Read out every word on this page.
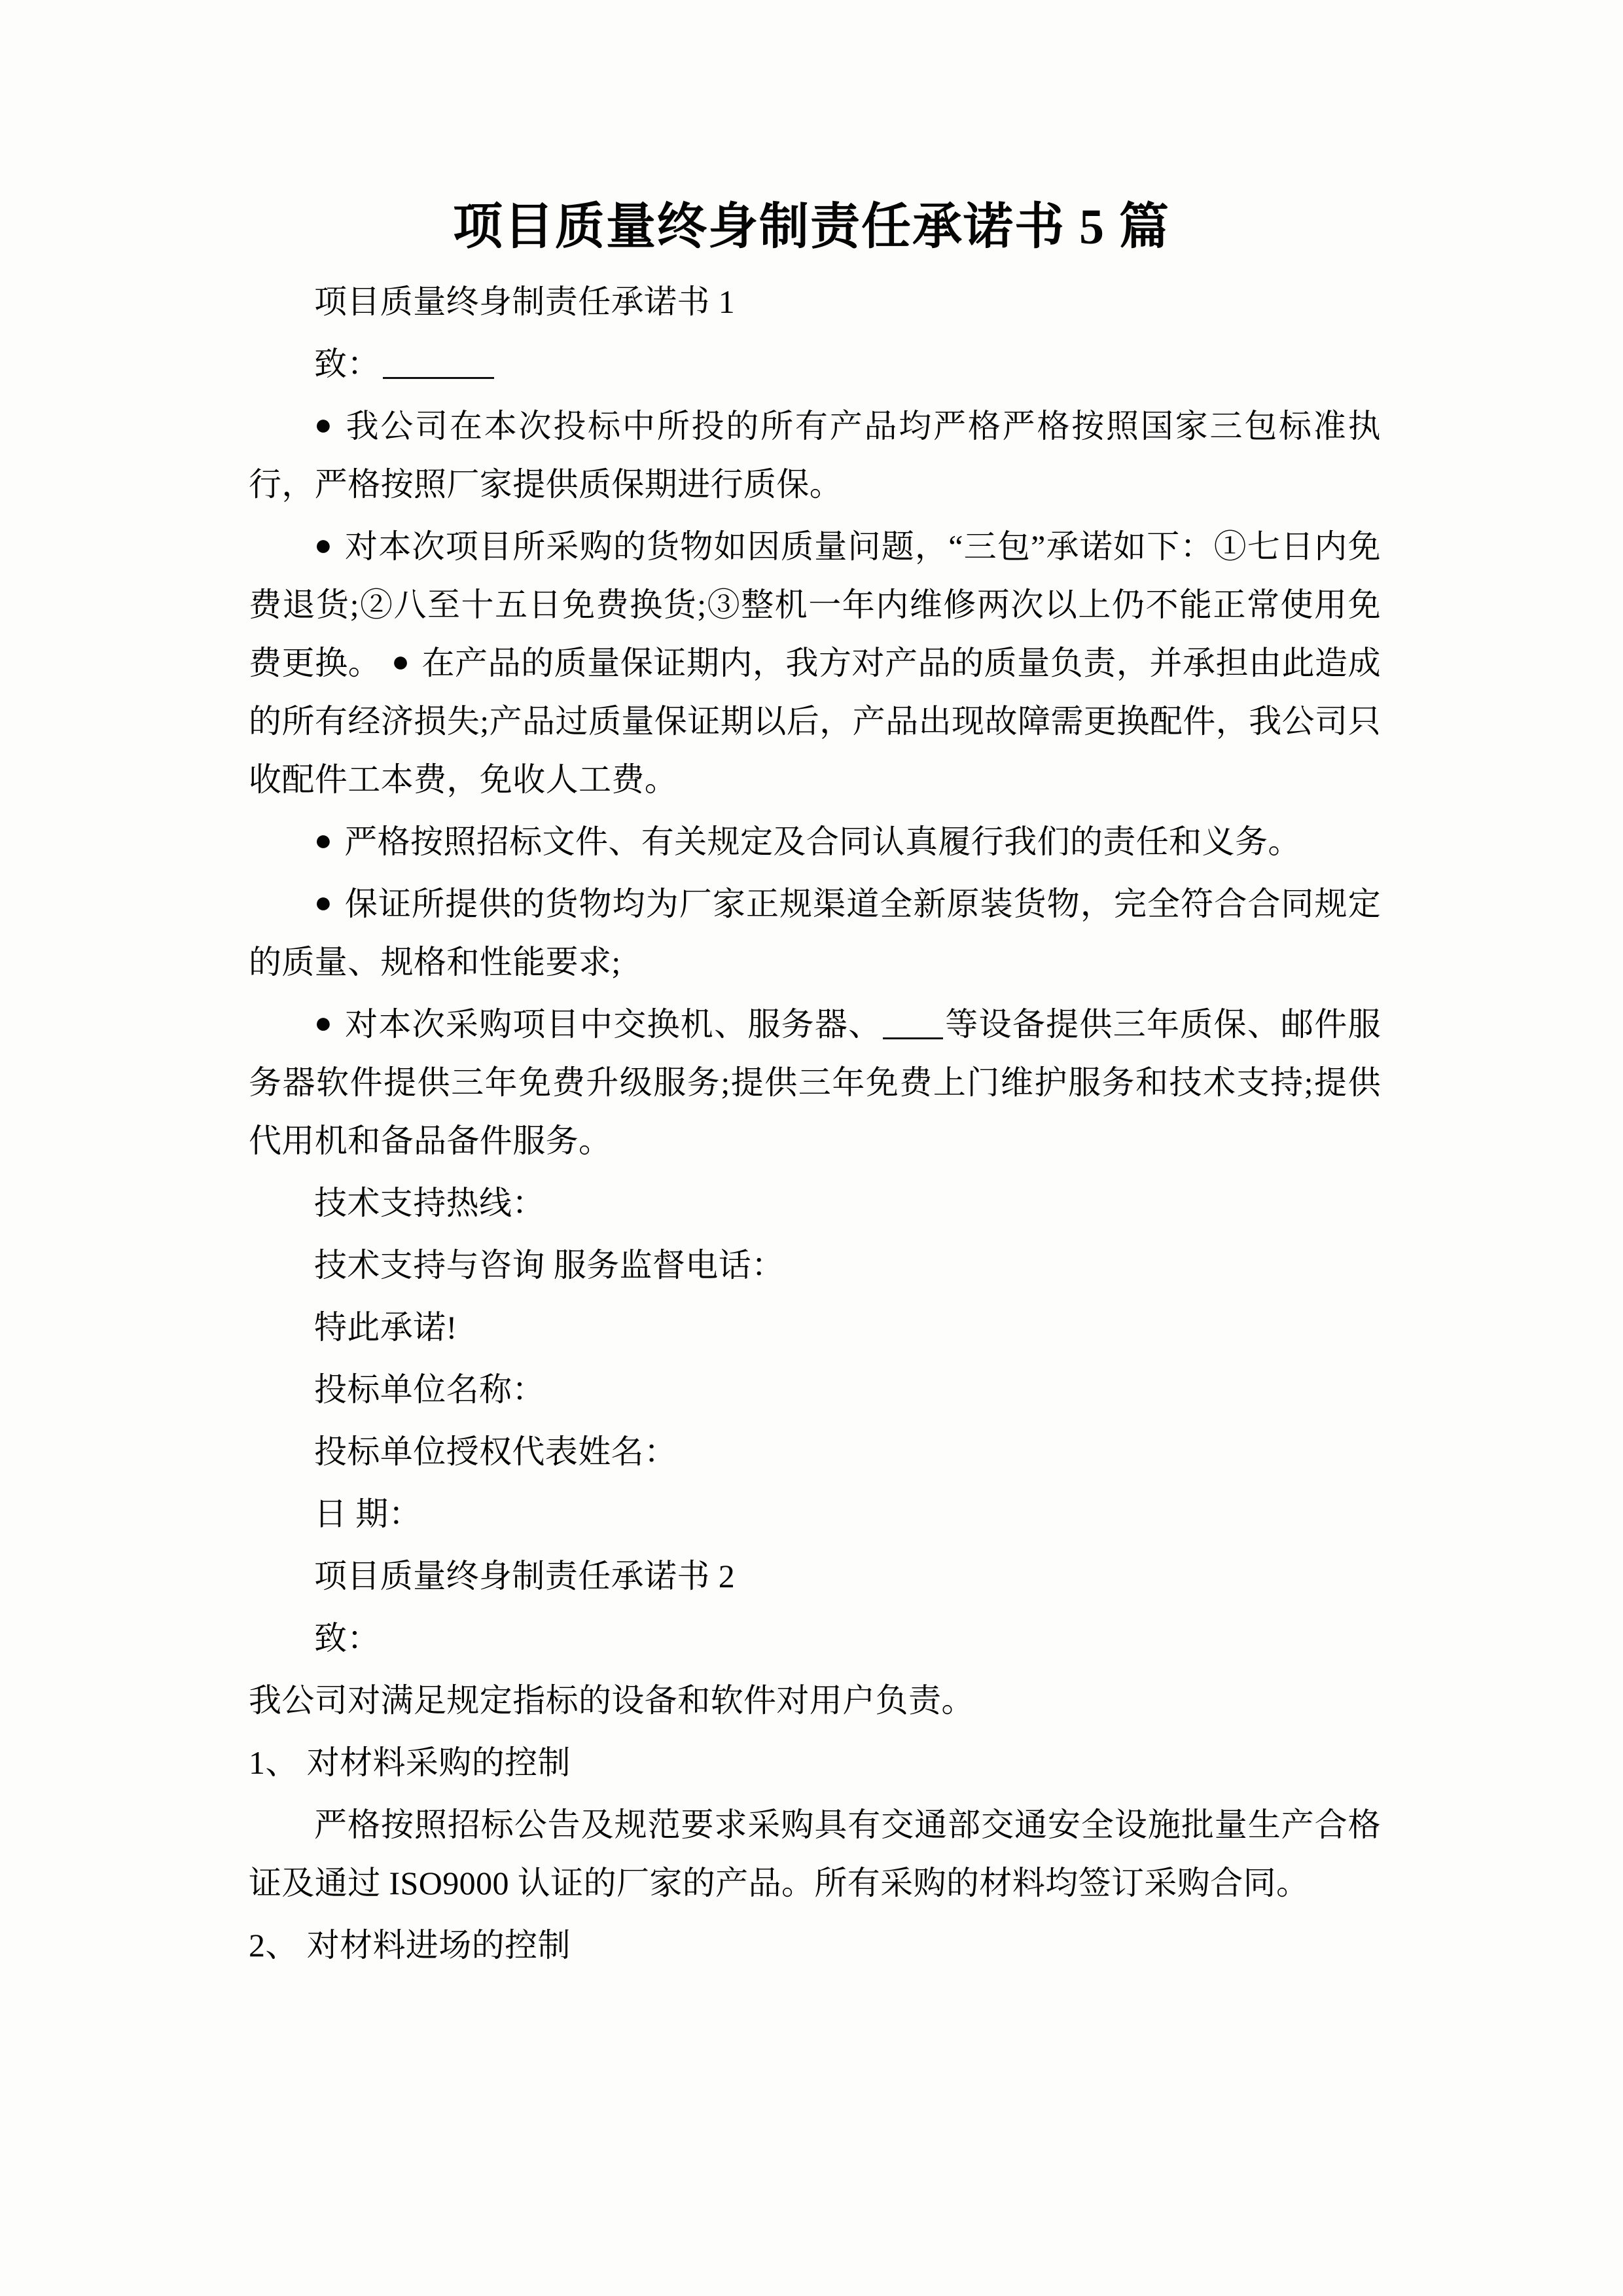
项目质量终身制责任承诺书 5 篇

项目质量终身制责任承诺书 1

致：

● 我公司在本次投标中所投的所有产品均严格严格按照国家三包标准执行，严格按照厂家提供质保期进行质保。

● 对本次项目所采购的货物如因质量问题，“三包”承诺如下：①七日内免费退货;②八至十五日免费换货;③整机一年内维修两次以上仍不能正常使用免费更换。 ● 在产品的质量保证期内，我方对产品的质量负责，并承担由此造成的所有经济损失;产品过质量保证期以后，产品出现故障需更换配件，我公司只收配件工本费，免收人工费。

● 严格按照招标文件、有关规定及合同认真履行我们的责任和义务。

● 保证所提供的货物均为厂家正规渠道全新原装货物，完全符合合同规定的质量、规格和性能要求;

● 对本次采购项目中交换机、服务器、 等设备提供三年质保、邮件服务器软件提供三年免费升级服务;提供三年免费上门维护服务和技术支持;提供代用机和备品备件服务。

技术支持热线：

技术支持与咨询 服务监督电话：

特此承诺!

投标单位名称：

投标单位授权代表姓名：

日 期：

项目质量终身制责任承诺书 2

致：

我公司对满足规定指标的设备和软件对用户负责。

1、 对材料采购的控制

严格按照招标公告及规范要求采购具有交通部交通安全设施批量生产合格证及通过 ISO9000 认证的厂家的产品。所有采购的材料均签订采购合同。

2、 对材料进场的控制
